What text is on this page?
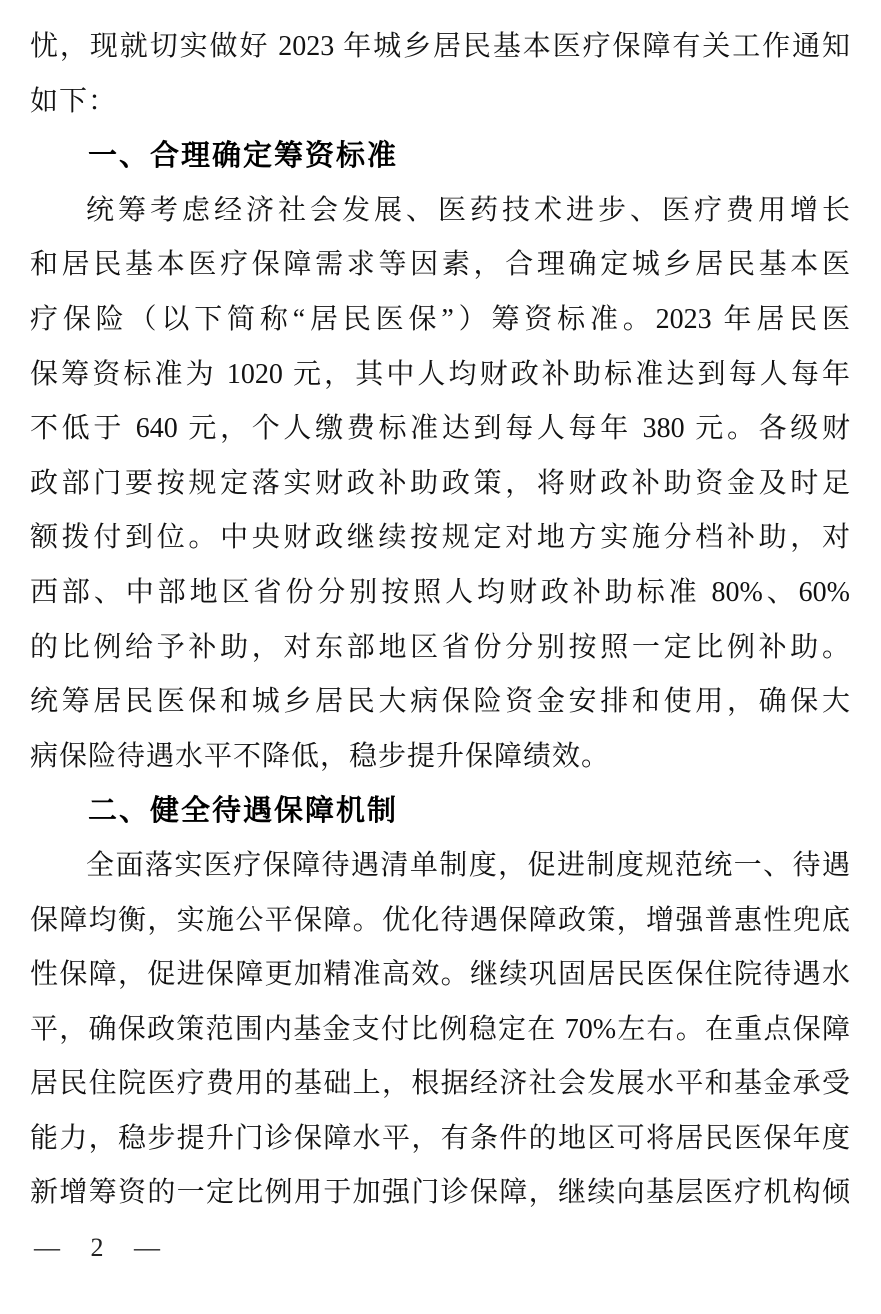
忧，现就切实做好 2023 年城乡居民基本医疗保障有关工作通知
如下：
一、合理确定筹资标准
统筹考虑经济社会发展、医药技术进步、医疗费用增长
和居民基本医疗保障需求等因素，合理确定城乡居民基本医
疗保险（以下简称“居民医保”）筹资标准。2023 年居民医
保筹资标准为 1020 元，其中人均财政补助标准达到每人每年
不低于 640 元，个人缴费标准达到每人每年 380 元。各级财
政部门要按规定落实财政补助政策，将财政补助资金及时足
额拨付到位。中央财政继续按规定对地方实施分档补助，对
西部、中部地区省份分别按照人均财政补助标准 80%、60%
的比例给予补助，对东部地区省份分别按照一定比例补助。
统筹居民医保和城乡居民大病保险资金安排和使用，确保大
病保险待遇水平不降低，稳步提升保障绩效。
二、健全待遇保障机制
全面落实医疗保障待遇清单制度，促进制度规范统一、待遇
保障均衡，实施公平保障。优化待遇保障政策，增强普惠性兜底
性保障，促进保障更加精准高效。继续巩固居民医保住院待遇水
平，确保政策范围内基金支付比例稳定在 70%左右。在重点保障
居民住院医疗费用的基础上，根据经济社会发展水平和基金承受
能力，稳步提升门诊保障水平，有条件的地区可将居民医保年度
新增筹资的一定比例用于加强门诊保障，继续向基层医疗机构倾
— 2 —
